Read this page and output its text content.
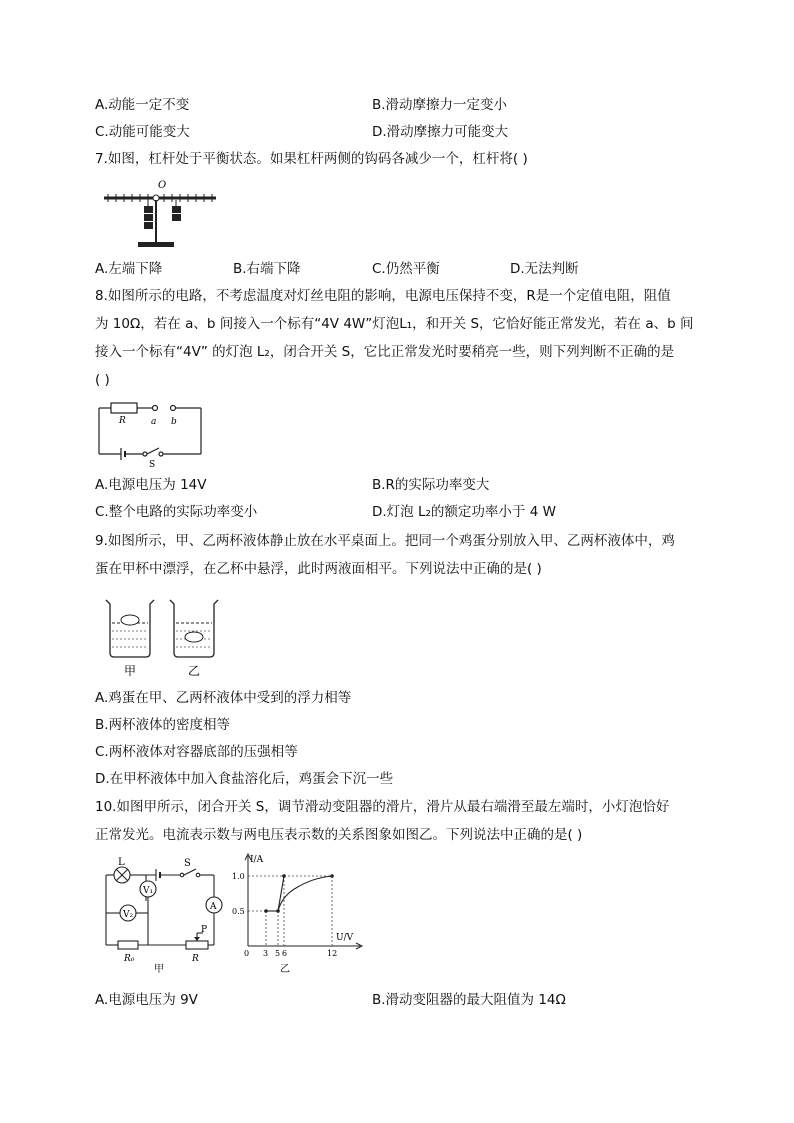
A.动能一定不变	B.滑动摩擦力一定变小
C.动能可能变大	D.滑动摩擦力可能变大
7.如图，杠杆处于平衡状态。如果杠杆两侧的钩码各减少一个，杠杆将( )
O
A.左端下降	B.右端下降	C.仍然平衡	D.无法判断
8.如图所示的电路，不考虑温度对灯丝电阻的影响，电源电压保持不变，R是一个定值电阻，阻值
为 10Ω，若在 a、b 间接入一个标有“4V 4W”灯泡L₁，和开关 S，它恰好能正常发光，若在 a、b 间
接入一个标有“4V” 的灯泡 L₂，闭合开关 S，它比正常发光时要稍亮一些，则下列判断不正确的是
( )
R	a b
S
A.电源电压为 14V	B.R的实际功率变大
C.整个电路的实际功率变小	D.灯泡 L₂的额定功率小于 4 W
9.如图所示，甲、乙两杯液体静止放在水平桌面上。把同一个鸡蛋分别放入甲、乙两杯液体中，鸡
蛋在甲杯中漂浮，在乙杯中悬浮，此时两液面相平。下列说法中正确的是( )
甲	乙
A.鸡蛋在甲、乙两杯液体中受到的浮力相等
B.两杯液体的密度相等
C.两杯液体对容器底部的压强相等
D.在甲杯液体中加入食盐溶化后，鸡蛋会下沉一些
10.如图甲所示，闭合开关 S，调节滑动变阻器的滑片，滑片从最右端滑至最左端时，小灯泡恰好
正常发光。电流表示数与两电压表示数的关系图象如图乙。下列说法中正确的是( )
L	S
V₁
V₂
A
P
R₀	R
甲
I/A
U/V
1.0
0.5
0 3 5 6	12
乙
A.电源电压为 9V	B.滑动变阻器的最大阻值为 14Ω
